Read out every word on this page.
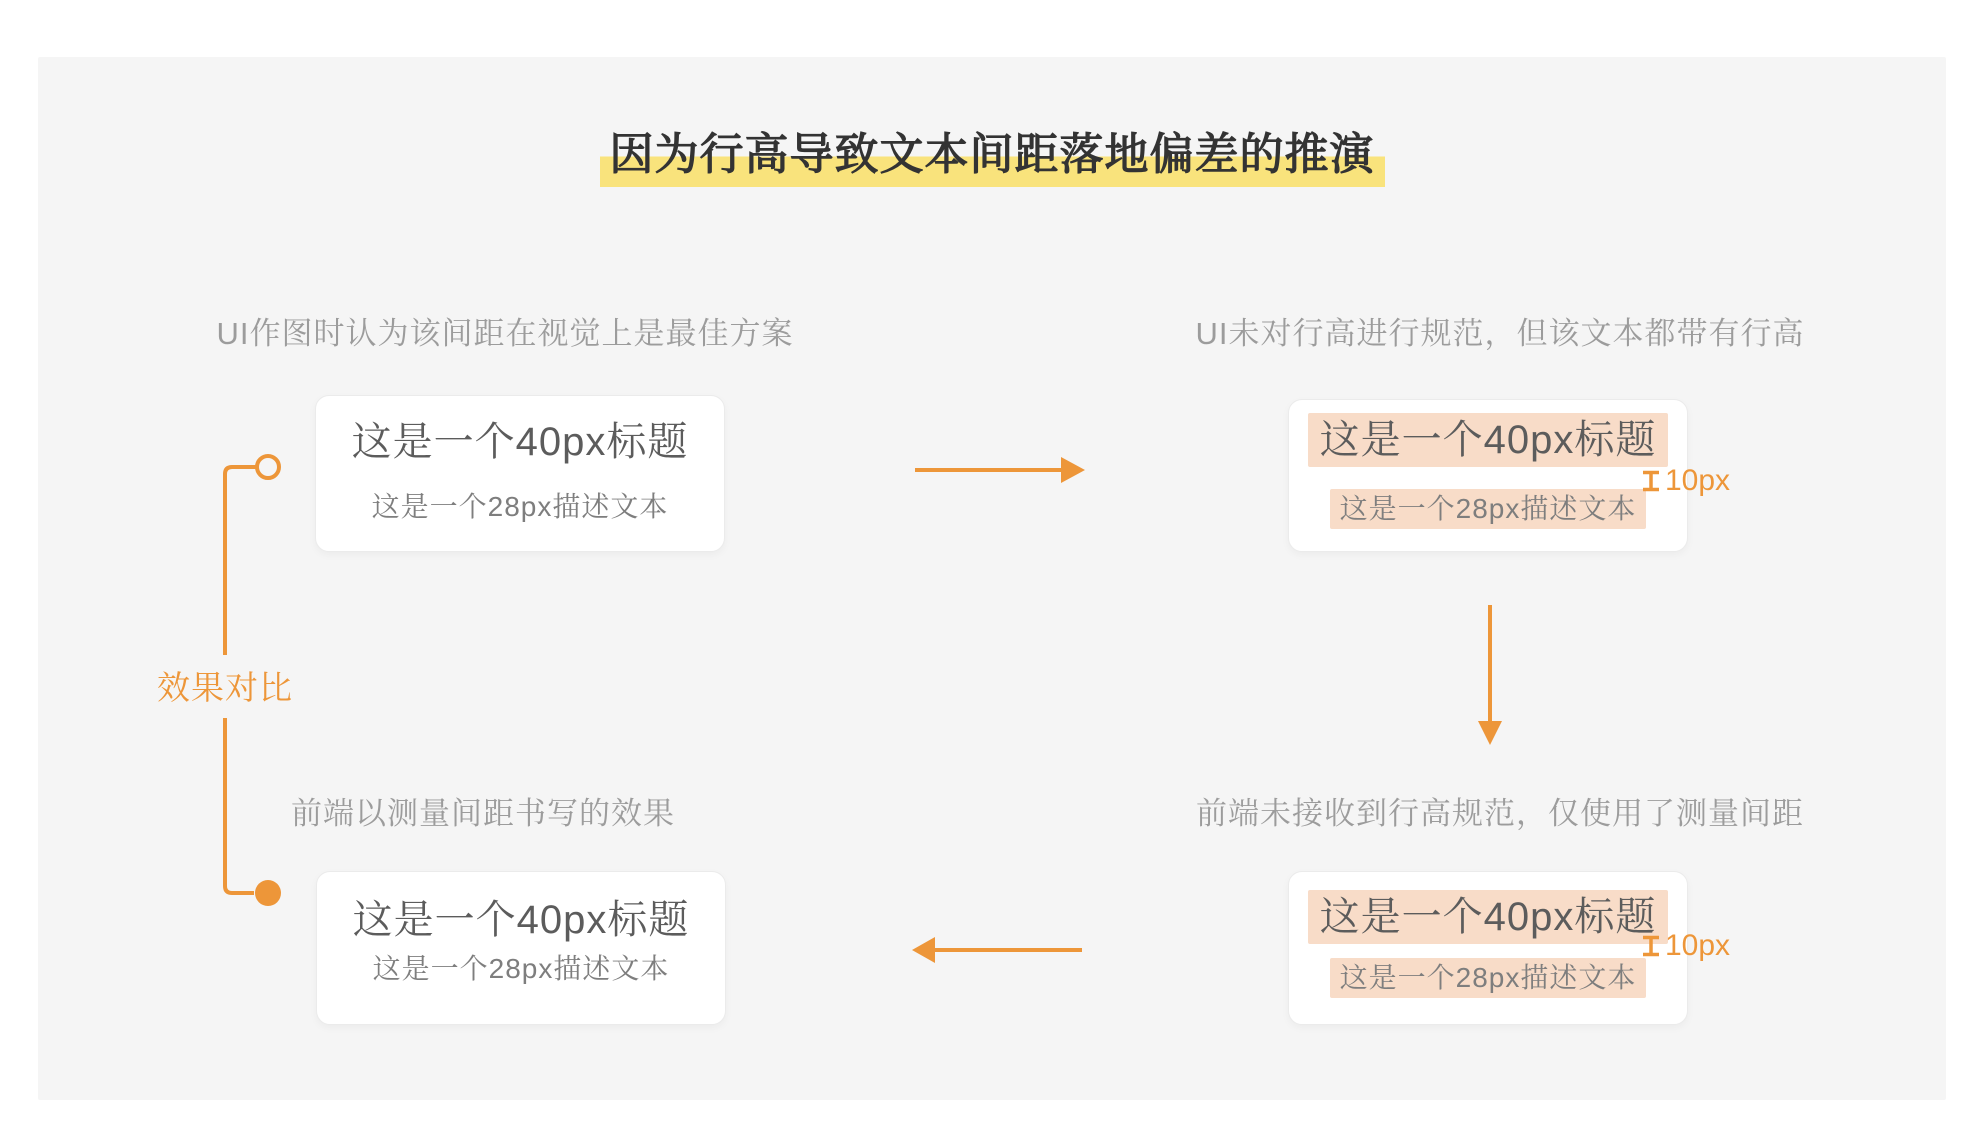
因为行高导致文本间距落地偏差的推演
UI作图时认为该间距在视觉上是最佳方案	UI未对行高进行规范，但该文本都带有行高
前端以测量间距书写的效果	前端未接收到行高规范，仅使用了测量间距
这是一个40px标题
这是一个28px描述文本
这是一个40px标题
这是一个28px描述文本
这是一个40px标题
这是一个28px描述文本
这是一个40px标题
这是一个28px描述文本
10px
10px
效果对比
